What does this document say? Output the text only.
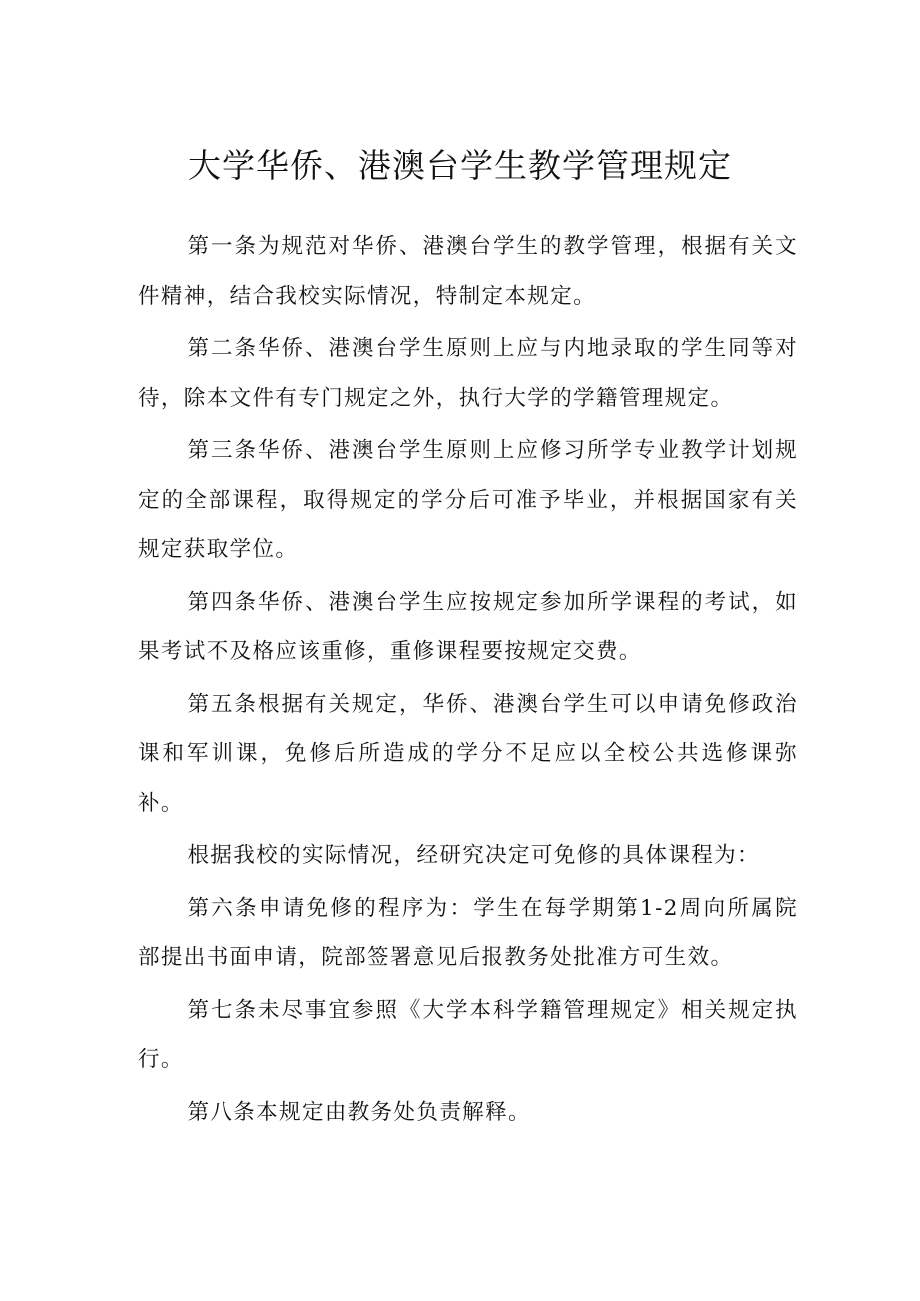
大学华侨、港澳台学生教学管理规定

第一条为规范对华侨、港澳台学生的教学管理，根据有关文件精神，结合我校实际情况，特制定本规定。

第二条华侨、港澳台学生原则上应与内地录取的学生同等对待，除本文件有专门规定之外，执行大学的学籍管理规定。

第三条华侨、港澳台学生原则上应修习所学专业教学计划规定的全部课程，取得规定的学分后可准予毕业，并根据国家有关规定获取学位。

第四条华侨、港澳台学生应按规定参加所学课程的考试，如果考试不及格应该重修，重修课程要按规定交费。

第五条根据有关规定，华侨、港澳台学生可以申请免修政治课和军训课，免修后所造成的学分不足应以全校公共选修课弥补。

根据我校的实际情况，经研究决定可免修的具体课程为：

第六条申请免修的程序为：学生在每学期第1-2周向所属院部提出书面申请，院部签署意见后报教务处批准方可生效。

第七条未尽事宜参照《大学本科学籍管理规定》相关规定执行。

第八条本规定由教务处负责解释。
